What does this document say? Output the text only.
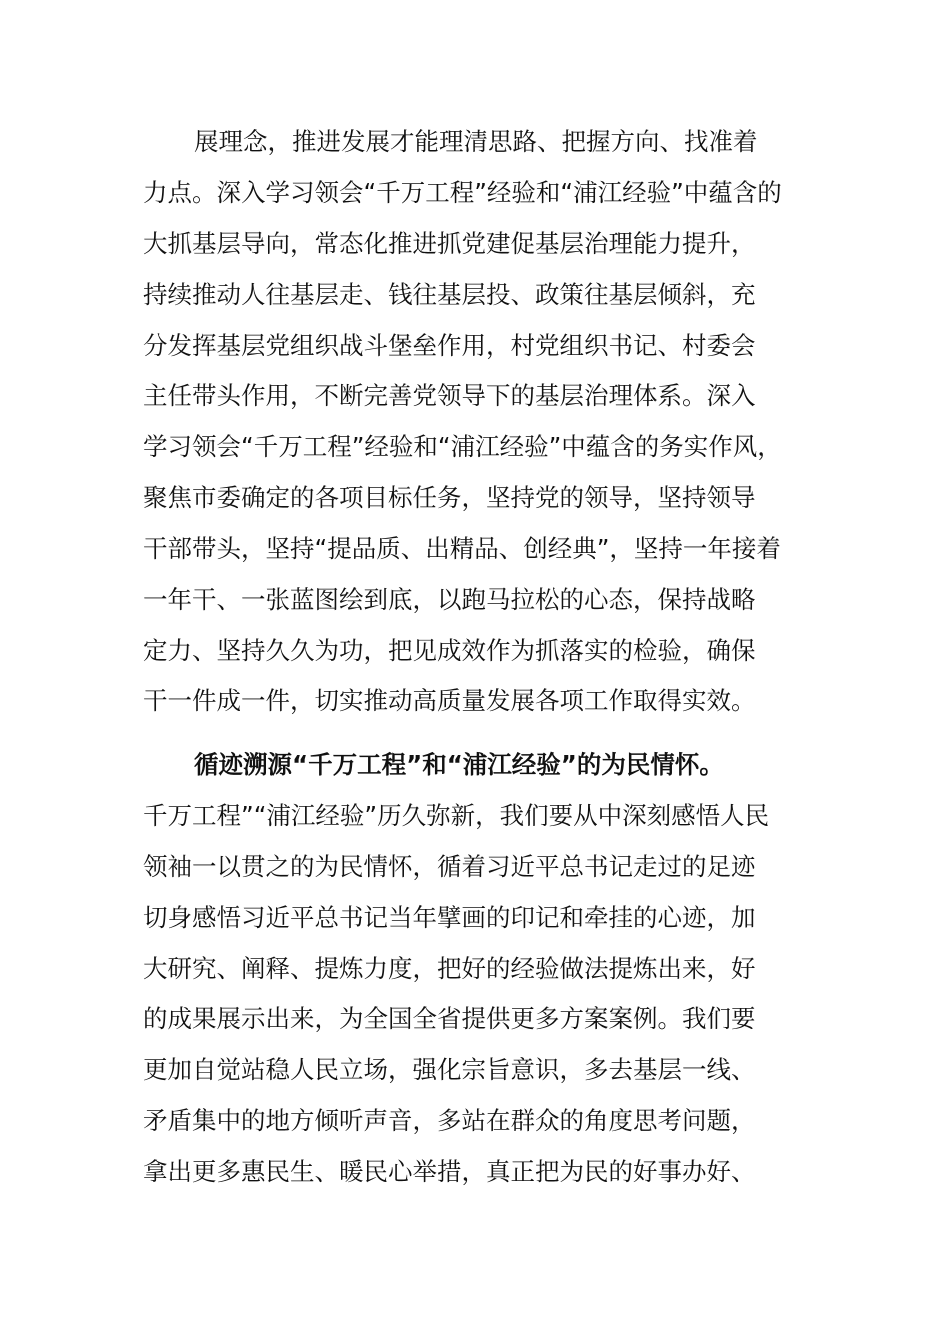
展理念，推进发展才能理清思路、把握方向、找准着
力点。深入学习领会“千万工程”经验和“浦江经验”中蕴含的
大抓基层导向，常态化推进抓党建促基层治理能力提升，
持续推动人往基层走、钱往基层投、政策往基层倾斜，充
分发挥基层党组织战斗堡垒作用，村党组织书记、村委会
主任带头作用，不断完善党领导下的基层治理体系。深入
学习领会“千万工程”经验和“浦江经验”中蕴含的务实作风，
聚焦市委确定的各项目标任务，坚持党的领导，坚持领导
干部带头，坚持“提品质、出精品、创经典”，坚持一年接着
一年干、一张蓝图绘到底，以跑马拉松的心态，保持战略
定力、坚持久久为功，把见成效作为抓落实的检验，确保
干一件成一件，切实推动高质量发展各项工作取得实效。
循迹溯源“千万工程”和“浦江经验”的为民情怀。
千万工程”“浦江经验”历久弥新，我们要从中深刻感悟人民
领袖一以贯之的为民情怀，循着习近平总书记走过的足迹
切身感悟习近平总书记当年擘画的印记和牵挂的心迹，加
大研究、阐释、提炼力度，把好的经验做法提炼出来，好
的成果展示出来，为全国全省提供更多方案案例。我们要
更加自觉站稳人民立场，强化宗旨意识，多去基层一线、
矛盾集中的地方倾听声音，多站在群众的角度思考问题，
拿出更多惠民生、暖民心举措，真正把为民的好事办好、
